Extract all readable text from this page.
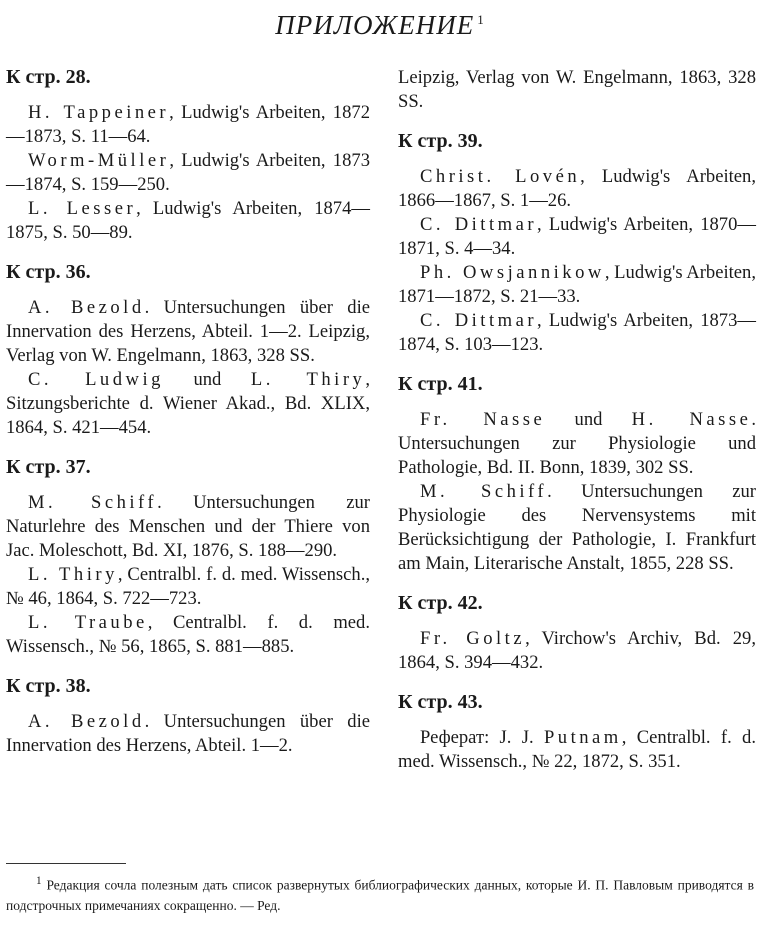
ПРИЛОЖЕНИЕ $^1$
К стр. 28.

H. Tappeiner, Ludwig's Arbeiten, 1872—1873, S. 11—64.

Worm-Müller, Ludwig's Arbeiten, 1873—1874, S. 159—250.

L. Lesser, Ludwig's Arbeiten, 1874—1875, S. 50—89.

К стр. 36.

A. Bezold. Untersuchungen über die Innervation des Herzens, Abteil. 1—2. Leipzig, Verlag von W. Engelmann, 1863, 328 SS.

C. Ludwig und L. Thiry, Sitzungsberichte d. Wiener Akad., Bd. XLIX, 1864, S. 421—454.

К стр. 37.

M. Schiff. Untersuchungen zur Naturlehre des Menschen und der Thiere von Jac. Moleschott, Bd. XI, 1876, S. 188—290.

L. Thiry, Centralbl. f. d. med. Wissensch., № 46, 1864, S. 722—723.

L. Traube, Centralbl. f. d. med. Wissensch., № 56, 1865, S. 881—885.

К стр. 38.

A. Bezold. Untersuchungen über die Innervation des Herzens, Abteil. 1—2.

Leipzig, Verlag von W. Engelmann, 1863, 328 SS.

К стр. 39.

Christ. Lovén, Ludwig's Arbeiten, 1866—1867, S. 1—26.

C. Dittmar, Ludwig's Arbeiten, 1870—1871, S. 4—34.

Ph. Owsjannikow, Ludwig's Arbeiten, 1871—1872, S. 21—33.

C. Dittmar, Ludwig's Arbeiten, 1873—1874, S. 103—123.

К стр. 41.

Fr. Nasse und H. Nasse. Untersuchungen zur Physiologie und Pathologie, Bd. II. Bonn, 1839, 302 SS.

M. Schiff. Untersuchungen zur Physiologie des Nervensystems mit Berücksichtigung der Pathologie, I. Frankfurt am Main, Literarische Anstalt, 1855, 228 SS.

К стр. 42.

Fr. Goltz, Virchow's Archiv, Bd. 29, 1864, S. 394—432.

К стр. 43.

Реферат: J. J. Putnam, Centralbl. f. d. med. Wissensch., № 22, 1872, S. 351.

$^1$ Редакция сочла полезным дать список развернутых библиографических данных, которые И. П. Павловым приводятся в подстрочных примечаниях сокращенно. — Ред.
